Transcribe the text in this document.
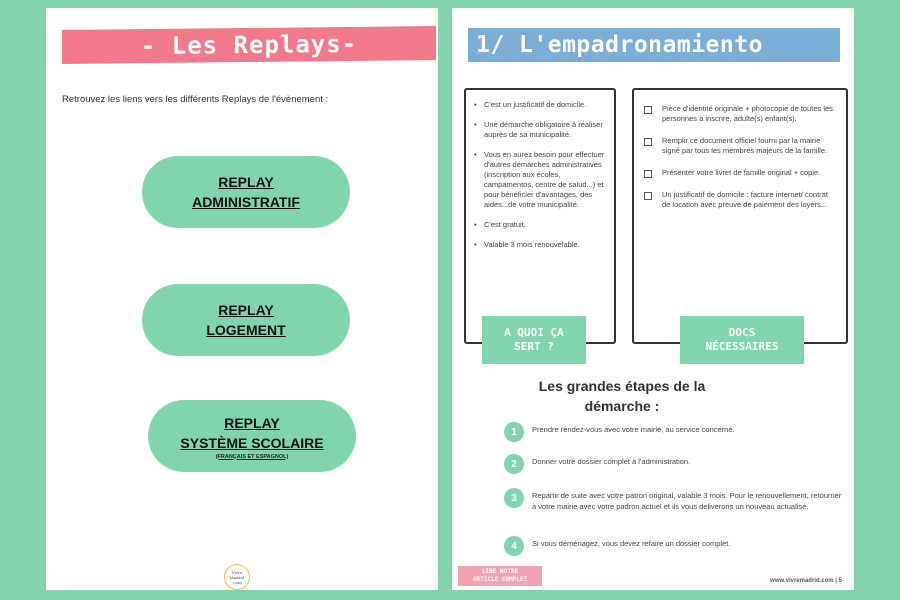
- Les Replays-
Retrouvez les liens vers les différents Replays de l'évènement :
REPLAY
ADMINISTRATIF
REPLAY
LOGEMENT
REPLAY
SYSTÈME SCOLAIRE
(FRANÇAIS ET ESPAGNOL)
Vivre
Madrid
.com
1/ L'empadronamiento
• C'est un justificatif de domicile.
• Une démarche obligatoire à réaliser auprès de sa municipalité.
• Vous en aurez besoin pour effectuer d'autres démarches administratives (inscription aux écoles, campamentos, centre de salud...) et pour bénéficier d'avantages, des aides...de votre municipalité.
• C'est gratuit.
• Valable 3 mois renouvelable.
Pièce d'identité originale + photocopie de toutes les personnes à inscrire, adulte(s) enfant(s).
Remplir ce document officiel fourni par la mairie signé par tous les membres majeurs de la famille.
Présenter votre livret de famille original + copie.
Un justificatif de domicile : facture internet/ contrat de location avec preuve de paiement des loyers...
A QUOI ÇA
SERT ?
DOCS
NÉCESSAIRES
Les grandes étapes de la
démarche :
1	Prendre rendez-vous avec votre mairie, au service concerné.
2	Donner votre dossier complet à l'administration.
3	Repartir de suite avec votre patron original, valable 3 mois. Pour le renouvellement, retourner à votre mairie avec votre padron actuel et ils vous deliverons un nouveau actualisé.
4	Si vous déménagez, vous devez refaire un dossier complet.
LIRE NOTRE
ARTICLE COMPLET	www.vivremadrid.com | 5
